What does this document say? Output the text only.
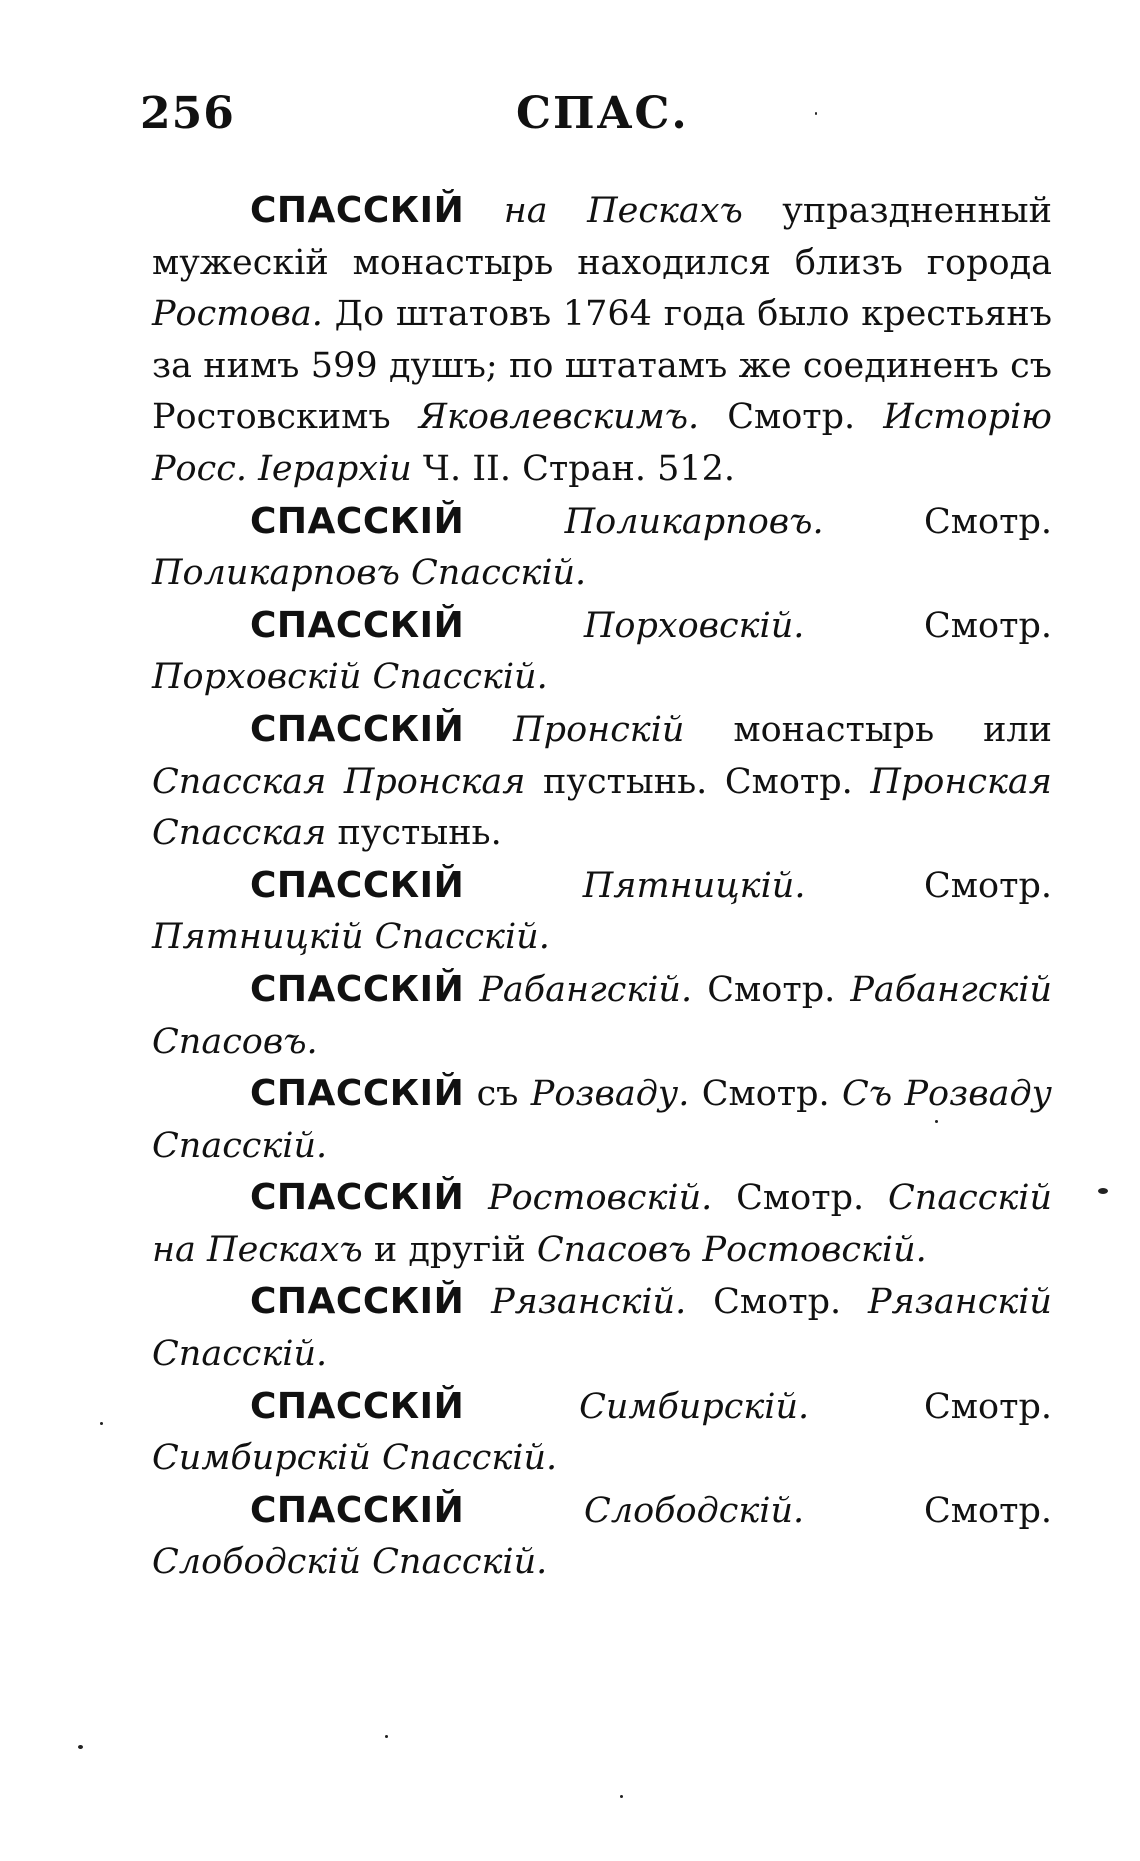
256	СПАС.

СПАССКІЙ на Пескахъ упраздненный мужескій монастырь находился близъ города Ростова. До штатовъ 1764 года было крестьянъ за нимъ 599 душъ; по штатамъ же соединенъ съ Ростовскимъ Яковлевскимъ. Смотр. Исторію Росс. Іерархіи Ч. II. Стран. 512.

СПАССКІЙ	Поликарповъ.	Смотр. Поликарповъ Спасскій.

СПАССКІЙ	Порховскій.	Смотр. Порховскій Спасскій.

СПАССКІЙ Пронскій монастырь или Спасская Пронская пустынь. Смотр. Пронская Спасская пустынь.

СПАССКІЙ	Пятницкій.	Смотр. Пятницкій Спасскій.

СПАССКІЙ Рабангскій. Смотр. Рабангскій Спасовъ.

СПАССКІЙ съ Розваду. Смотр. Съ Розваду Спасскій.

СПАССКІЙ Ростовскій. Смотр. Спасскій на Пескахъ и другій Спасовъ Ростовскій.

СПАССКІЙ Рязанскій. Смотр. Рязанскій Спасскій.

СПАССКІЙ	Симбирскій.	Смотр. Симбирскій Спасскій.

СПАССКІЙ	Слободскій.	Смотр. Слободскій Спасскій.
